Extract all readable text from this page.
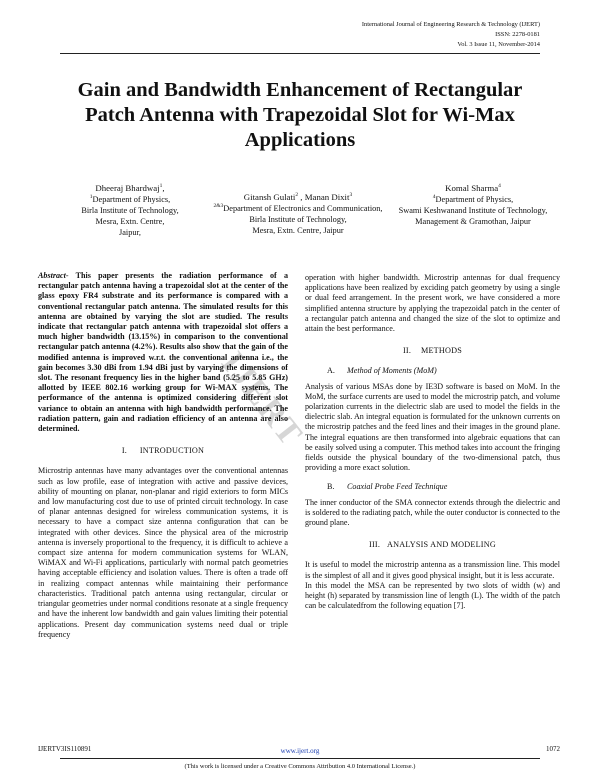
International Journal of Engineering Research & Technology (IJERT)
ISSN: 2278-0181
Vol. 3 Issue 11, November-2014
Gain and Bandwidth Enhancement of Rectangular Patch Antenna with Trapezoidal Slot for Wi-Max Applications
Dheeraj Bhardwaj$^1$,
$^1$Department of Physics,
Birla Institute of Technology,
Mesra, Extn. Centre,
Jaipur,
Gitansh Gulati$^2$ , Manan Dixit$^3$
$^{2\&3}$Department of Electronics and Communication,
Birla Institute of Technology,
Mesra, Extn. Centre, Jaipur
Komal Sharma$^4$
$^4$Department of Physics,
Swami Keshwanand Institute of Technology,
Management & Gramothan, Jaipur
IJERT

Abstract- This paper presents the radiation performance of a rectangular patch antenna having a trapezoidal slot at the center of the glass epoxy FR4 substrate and its performance is compared with a conventional rectangular patch antenna. The simulated results for this antenna are obtained by varying the slot are studied. The results indicate that rectangular patch antenna with trapezoidal slot offers a much higher bandwidth (13.15%) in comparison to the conventional rectangular patch antenna (4.2%). Results also show that the gain of the modified antenna is improved w.r.t. the conventional antenna i.e., the gain becomes 3.30 dBi from 1.94 dBi just by varying the dimensions of slot. The resonant frequency lies in the higher band (5.25 to 5.85 GHz) allotted by IEEE 802.16 working group for Wi-MAX systems. The performance of the antenna is optimized considering different slot variance to obtain an antenna with high bandwidth performance. The radiation pattern, gain and radiation efficiency of an antenna are also determined.

I. INTRODUCTION

Microstrip antennas have many advantages over the conventional antennas such as low profile, ease of integration with active and passive devices, ability of mounting on planar, non-planar and rigid exteriors to form MICs and low manufacturing cost due to use of printed circuit technology. In case of planar antennas designed for wireless communication systems, it is necessary to have a compact size antenna configuration that can be integrated with other devices. Since the physical area of the microstrip antenna is inversely proportional to the frequency, it is difficult to achieve a compact size antenna for modern communication systems for WLAN, WiMAX and Wi-Fi applications, particularly with normal patch geometries having acceptable efficiency and isolation values. There is often a trade off in realizing compact antennas while maintaining their performance characteristics. Traditional patch antenna using rectangular, circular or triangular geometries under normal conditions resonate at a single frequency and have the inherent low bandwidth and gain values limiting their potential applications. Present day communication systems need dual or triple frequency

operation with higher bandwidth. Microstrip antennas for dual frequency applications have been realized by exciding patch geometry by using a single or dual feed arrangement. In the present work, we have considered a more simplified antenna structure by applying the trapezoidal patch in the center of a rectangular patch antenna and changed the size of the slot to optimize and attain the best performance.

II. METHODS

A. Method of Moments (MoM)

Analysis of various MSAs done by IE3D software is based on MoM. In the MoM, the surface currents are used to model the microstrip patch, and volume polarization currents in the dielectric slab are used to model the fields in the dielectric slab. An integral equation is formulated for the unknown currents on the microstrip patches and the feed lines and their images in the ground plane. The integral equations are then transformed into algebraic equations that can be easily solved using a computer. This method takes into account the fringing fields outside the physical boundary of the two-dimensional patch, thus providing a more exact solution.

B. Coaxial Probe Feed Technique

The inner conductor of the SMA connector extends through the dielectric and is soldered to the radiating patch, while the outer conductor is connected to the ground plane.

III. ANALYSIS AND MODELING

It is useful to model the microstrip antenna as a transmission line. This model is the simplest of all and it gives good physical insight, but it is less accurate.

In this model the MSA can be represented by two slots of width (w) and height (h) separated by transmission line of length (L). The width of the patch can be calculatedfrom the following equation [7].

IJERTV3IS110891	www.ijert.org	1072
(This work is licensed under a Creative Commons Attribution 4.0 International License.)
